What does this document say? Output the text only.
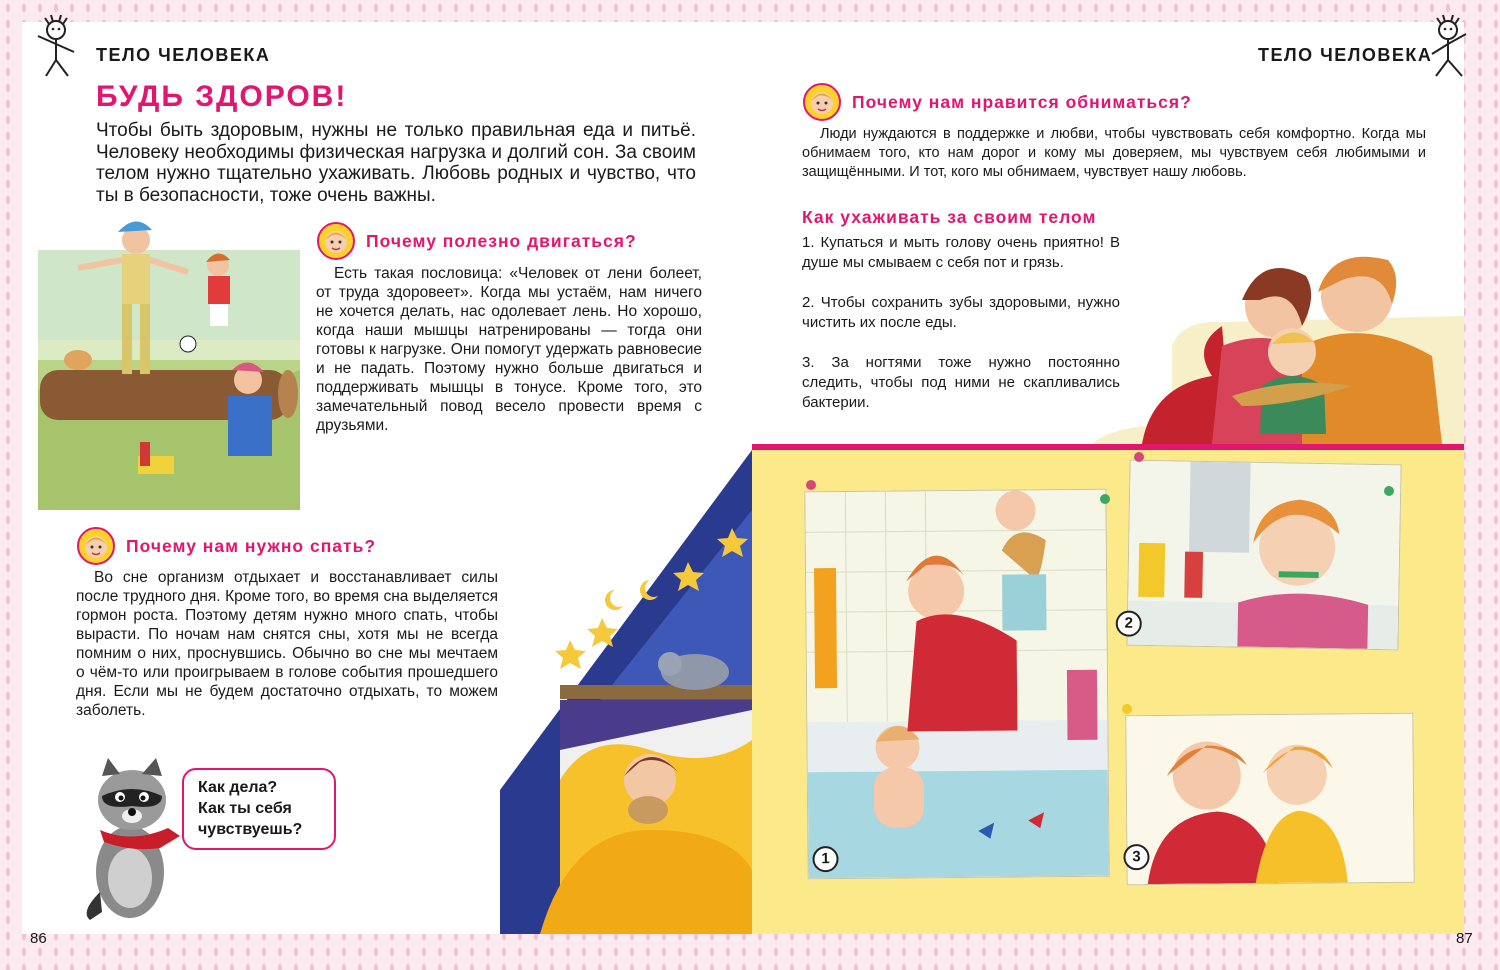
ТЕЛО ЧЕЛОВЕКА	ТЕЛО ЧЕЛОВЕКА
БУДЬ ЗДОРОВ!
Чтобы быть здоровым, нужны не только правильная еда и питьё. Человеку необходимы физическая нагрузка и долгий сон. За своим телом нужно тщательно ухаживать. Любовь родных и чувство, что ты в безопасности, тоже очень важны.
Почему полезно двигаться?
Есть такая пословица: «Человек от лени болеет, от труда здоровеет». Когда мы устаём, нам ничего не хочется делать, нас одолевает лень. Но хорошо, когда наши мышцы натренированы — тогда они готовы к нагрузке. Они помогут удержать равновесие и не падать. Поэтому нужно больше двигаться и поддерживать мышцы в тонусе. Кроме того, это замечательный повод весело провести время с друзьями.
Почему нам нужно спать?
Во сне организм отдыхает и восстанавливает силы после трудного дня. Кроме того, во время сна выделяется гормон роста. Поэтому детям нужно много спать, чтобы вырасти. По ночам нам снятся сны, хотя мы не всегда помним о них, проснувшись. Обычно во сне мы мечтаем о чём-то или проигрываем в голове события прошедшего дня. Если мы не будем достаточно отдыхать, то можем заболеть.
Как дела?
Как ты себя
чувствуешь?
86
Почему нам нравится обниматься?
Люди нуждаются в поддержке и любви, чтобы чувствовать себя комфортно. Когда мы обнимаем того, кто нам дорог и кому мы доверяем, мы чувствуем себя любимыми и защищёнными. И тот, кого мы обнимаем, чувствует нашу любовь.
Как ухаживать за своим телом

1. Купаться и мыть голову очень приятно! В душе мы смываем с себя пот и грязь.

2. Чтобы сохранить зубы здоровыми, нужно чистить их после еды.

3. За ногтями тоже нужно постоянно следить, чтобы под ними не скапливались бактерии.

1
2
3
87
